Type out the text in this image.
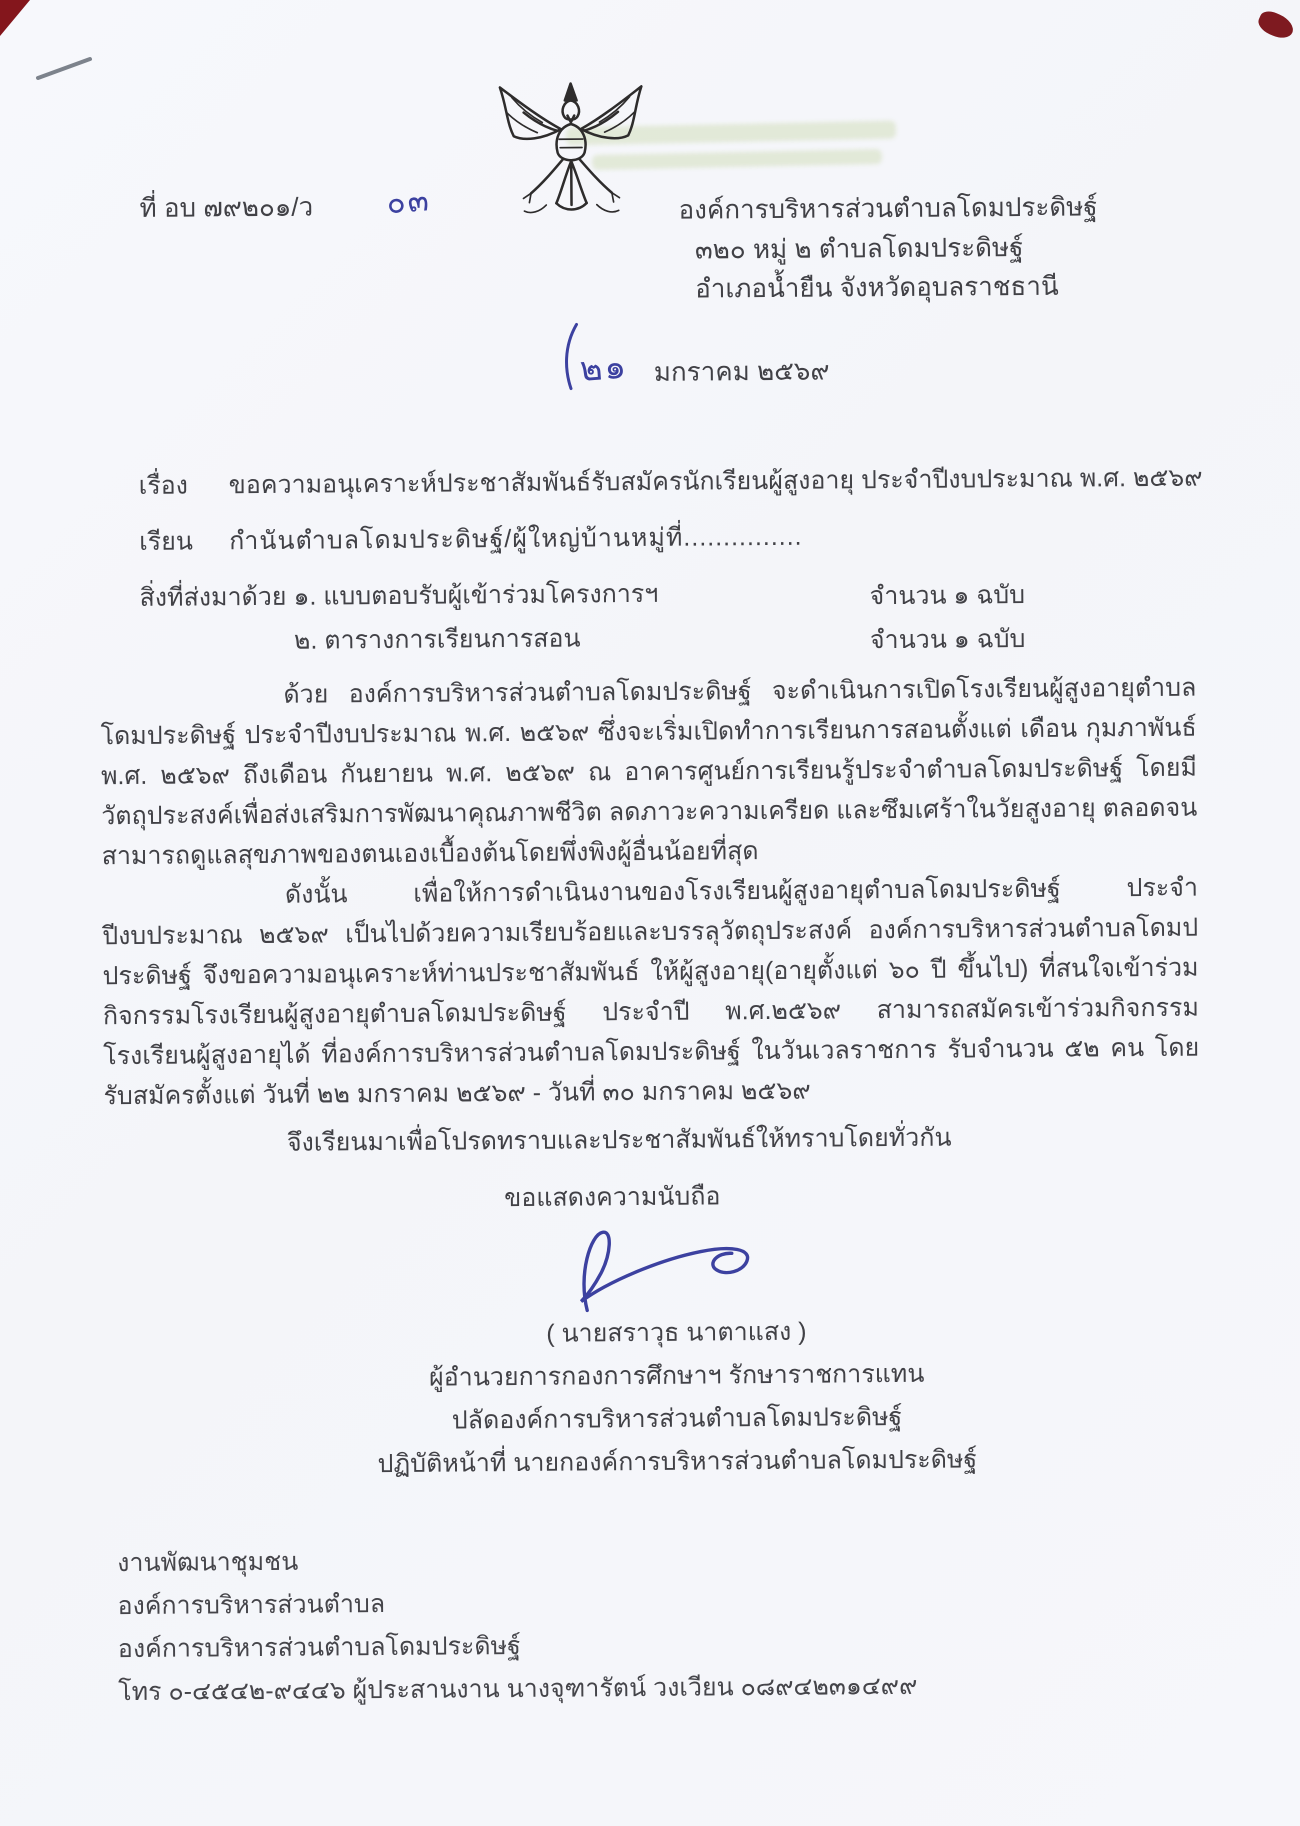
ที่ อบ ๗๙๒๐๑/ว ๐๓	องค์การบริหารส่วนตำบลโดมประดิษฐ์
๓๒๐ หมู่ ๒ ตำบลโดมประดิษฐ์
อำเภอน้ำยืน จังหวัดอุบลราชธานี
๒๑ มกราคม ๒๕๖๙
เรื่อง ขอความอนุเคราะห์ประชาสัมพันธ์รับสมัครนักเรียนผู้สูงอายุ ประจำปีงบประมาณ พ.ศ. ๒๕๖๙
เรียน กำนันตำบลโดมประดิษฐ์/ผู้ใหญ่บ้านหมู่ที่...............
สิ่งที่ส่งมาด้วย ๑. แบบตอบรับผู้เข้าร่วมโครงการฯ	จำนวน ๑ ฉบับ
๒. ตารางการเรียนการสอน	จำนวน ๑ ฉบับ
ด้วย องค์การบริหารส่วนตำบลโดมประดิษฐ์ จะดำเนินการเปิดโรงเรียนผู้สูงอายุตำบลโดมประดิษฐ์ ประจำปีงบประมาณ พ.ศ. ๒๕๖๙ ซึ่งจะเริ่มเปิดทำการเรียนการสอนตั้งแต่ เดือน กุมภาพันธ์ พ.ศ. ๒๕๖๙ ถึงเดือน กันยายน พ.ศ. ๒๕๖๙ ณ อาคารศูนย์การเรียนรู้ประจำตำบลโดมประดิษฐ์ โดยมีวัตถุประสงค์เพื่อส่งเสริมการพัฒนาคุณภาพชีวิต ลดภาวะความเครียด และซึมเศร้าในวัยสูงอายุ ตลอดจนสามารถดูแลสุขภาพของตนเองเบื้องต้นโดยพึ่งพิงผู้อื่นน้อยที่สุด
ดังนั้น เพื่อให้การดำเนินงานของโรงเรียนผู้สูงอายุตำบลโดมประดิษฐ์ ประจำปีงบประมาณ ๒๕๖๙ เป็นไปด้วยความเรียบร้อยและบรรลุวัตถุประสงค์ องค์การบริหารส่วนตำบลโดมปประดิษฐ์ จึงขอความอนุเคราะห์ท่านประชาสัมพันธ์ ให้ผู้สูงอายุ(อายุตั้งแต่ ๖๐ ปี ขึ้นไป) ที่สนใจเข้าร่วมกิจกรรมโรงเรียนผู้สูงอายุตำบลโดมประดิษฐ์ ประจำปี พ.ศ.๒๕๖๙ สามารถสมัครเข้าร่วมกิจกรรมโรงเรียนผู้สูงอายุได้ ที่องค์การบริหารส่วนตำบลโดมประดิษฐ์ ในวันเวลราชการ รับจำนวน ๕๒ คน โดยรับสมัครตั้งแต่ วันที่ ๒๒ มกราคม ๒๕๖๙ - วันที่ ๓๐ มกราคม ๒๕๖๙
จึงเรียนมาเพื่อโปรดทราบและประชาสัมพันธ์ให้ทราบโดยทั่วกัน
ขอแสดงความนับถือ
( นายสราวุธ นาตาแสง )
ผู้อำนวยการกองการศึกษาฯ รักษาราชการแทน
ปลัดองค์การบริหารส่วนตำบลโดมประดิษฐ์
ปฏิบัติหน้าที่ นายกองค์การบริหารส่วนตำบลโดมประดิษฐ์
งานพัฒนาชุมชน
องค์การบริหารส่วนตำบล
องค์การบริหารส่วนตำบลโดมประดิษฐ์
โทร ๐-๔๕๔๒-๙๔๔๖ ผู้ประสานงาน นางจุฑารัตน์ วงเวียน ๐๘๙๔๒๓๑๔๙๙
